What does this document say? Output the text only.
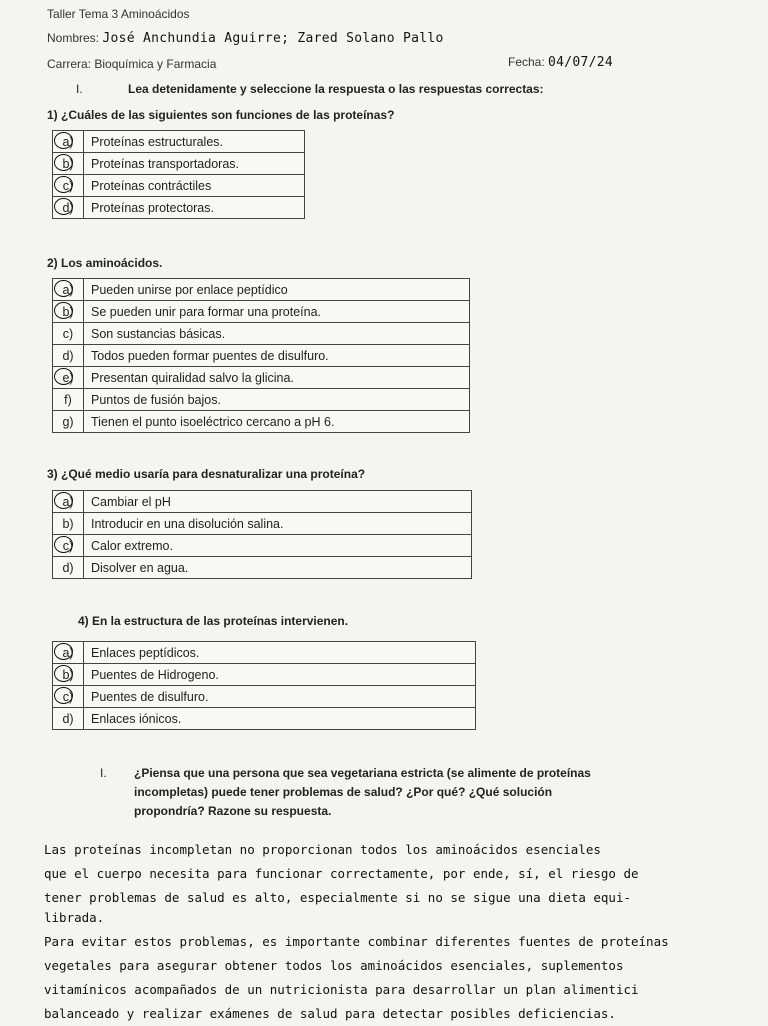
Taller Tema 3 Aminoácidos
Nombres: José Anchundia Aguirre; Zared Solano Pallo
Carrera: Bioquímica y Farmacia	Fecha: 04/07/24
I.	Lea detenidamente y seleccione la respuesta o las respuestas correctas:
1) ¿Cuáles de las siguientes son funciones de las proteínas?
a)	Proteínas estructurales.
b)	Proteínas transportadoras.
c)	Proteínas contráctiles
d)	Proteínas protectoras.
2) Los aminoácidos.
a)	Pueden unirse por enlace peptídico
b)	Se pueden unir para formar una proteína.
c)	Son sustancias básicas.
d)	Todos pueden formar puentes de disulfuro.
e)	Presentan quiralidad salvo la glicina.
f)	Puntos de fusión bajos.
g)	Tienen el punto isoeléctrico cercano a pH 6.
3) ¿Qué medio usaría para desnaturalizar una proteína?
a)	Cambiar el pH
b)	Introducir en una disolución salina.
c)	Calor extremo.
d)	Disolver en agua.
4) En la estructura de las proteínas intervienen.
a)	Enlaces peptídicos.
b)	Puentes de Hidrogeno.
c)	Puentes de disulfuro.
d)	Enlaces iónicos.
I. ¿Piensa que una persona que sea vegetariana estricta (se alimente de proteínas
incompletas) puede tener problemas de salud? ¿Por qué? ¿Qué solución
propondría? Razone su respuesta.
Las proteínas incompletan no proporcionan todos los aminoácidos esenciales
que el cuerpo necesita para funcionar correctamente, por ende, sí, el riesgo de
tener problemas de salud es alto, especialmente si no se sigue una dieta equi-
librada.
Para evitar estos problemas, es importante combinar diferentes fuentes de proteínas
vegetales para asegurar obtener todos los aminoácidos esenciales, suplementos
vitamínicos acompañados de un nutricionista para desarrollar un plan alimentici
balanceado y realizar exámenes de salud para detectar posibles deficiencias.
